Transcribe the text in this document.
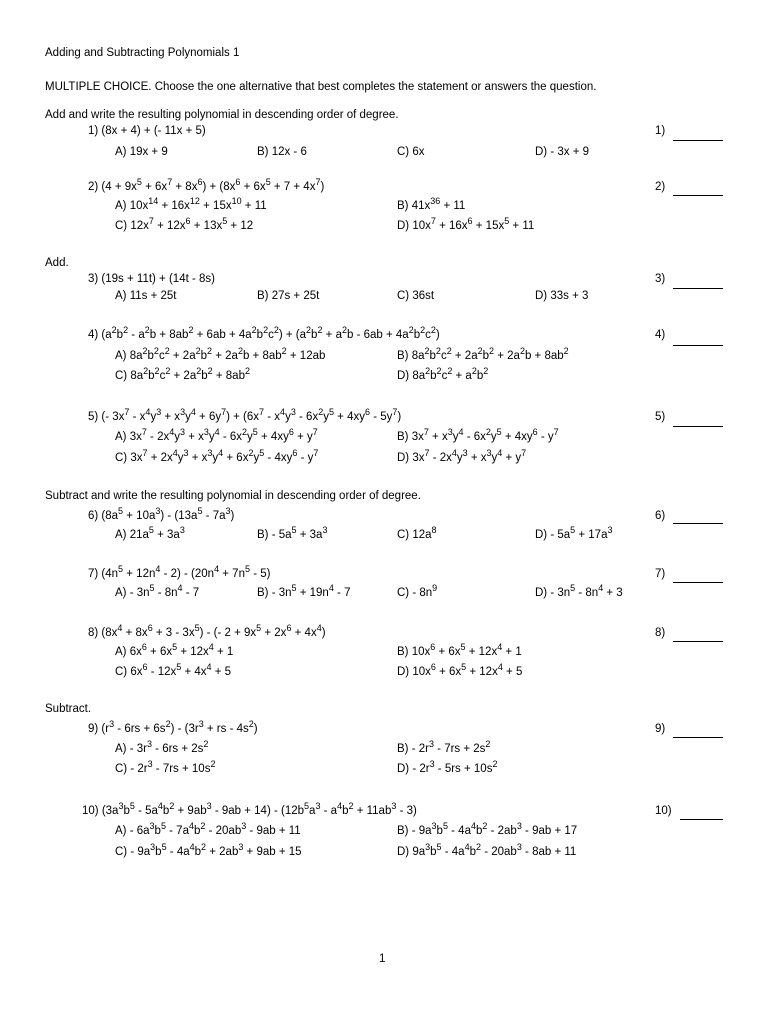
Adding and Subtracting Polynomials 1
MULTIPLE CHOICE. Choose the one alternative that best completes the statement or answers the question.
Add and write the resulting polynomial in descending order of degree.
Add.
Subtract and write the resulting polynomial in descending order of degree.
Subtract.
1) (8x + 4) + (- 11x + 5)	1)
A) 19x + 9	B) 12x - 6	C) 6x	D) - 3x + 9
2) $(4 + 9x^5 + 6x^7 + 8x^6) + (8x^6 + 6x^5 + 7 + 4x^7)$	2)
A) $10x^{14} + 16x^{12} + 15x^{10} + 11$	B) $41x^{36} + 11$
C) $12x^7 + 12x^6 + 13x^5 + 12$	D) $10x^7 + 16x^6 + 15x^5 + 11$
3) (19s + 11t) + (14t - 8s)	3)
A) 11s + 25t	B) 27s + 25t	C) 36st	D) 33s + 3
4) $(a^2b^2 - a^2b + 8ab^2 + 6ab + 4a^2b^2c^2) + (a^2b^2 + a^2b - 6ab + 4a^2b^2c^2)$	4)
A) $8a^2b^2c^2 + 2a^2b^2 + 2a^2b + 8ab^2 + 12ab$	B) $8a^2b^2c^2 + 2a^2b^2 + 2a^2b + 8ab^2$
C) $8a^2b^2c^2 + 2a^2b^2 + 8ab^2$	D) $8a^2b^2c^2 + a^2b^2$
5) (- $3x^7 - x^4y^3 + x^3y^4 + 6y^7) + (6x^7 - x^4y^3 - 6x^2y^5 + 4xy^6 - 5y^7)$	5)
A) $3x^7 - 2x^4y^3 + x^3y^4 - 6x^2y^5 + 4xy^6 + y^7$	B) $3x^7 + x^3y^4 - 6x^2y^5 + 4xy^6 - y^7$
C) $3x^7 + 2x^4y^3 + x^3y^4 + 6x^2y^5 - 4xy^6 - y^7$	D) $3x^7 - 2x^4y^3 + x^3y^4 + y^7$
6) $(8a^5 + 10a^3) - (13a^5 - 7a^3)$	6)
A) $21a^5 + 3a^3$	$B) - 5a^5 + 3a^3$	C) $12a^8$	$D) - 5a^5 + 17a^3$
7) $(4n^5 + 12n^4 - 2) - (20n^4 + 7n^5 - 5)$	7)
$A) - 3n^5 - 8n^4 - 7$	$B) - 3n^5 + 19n^4 - 7$	$C) - 8n^9$	$D) - 3n^5 - 8n^4 + 3$
8) $(8x^4 + 8x^6 + 3 - 3x^5)$ - (- $2 + 9x^5 + 2x^6 + 4x^4$)	8)
A) $6x^6 + 6x^5 + 12x^4 + 1$	B) $10x^6 + 6x^5 + 12x^4 + 1$
C) $6x^6 - 12x^5 + 4x^4 + 5$	D) $10x^6 + 6x^5 + 12x^4 + 5$
9) $(r^3 - 6rs + 6s^2) - (3r^3$ + rs - $4s^2$)	9)
$A) - 3r^3 - 6rs + 2s^2$	$B) - 2r^3 - 7rs + 2s^2$
$C) - 2r^3 - 7rs + 10s^2$	$D) - 2r^3 - 5rs + 10s^2$
10) $(3a^3b^5 - 5a^4b^2 + 9ab^3 - 9ab + 14) - (12b^5a^3 - a^4b^2 + 11ab^3 - 3)$	10)
$A) - 6a^3b^5 - 7a^4b^2 - 20ab^3 - 9ab + 11$	$B) - 9a^3b^5 - 4a^4b^2 - 2ab^3 - 9ab + 17$
$C) - 9a^3b^5 - 4a^4b^2 + 2ab^3 + 9ab + 15$	D) $9a^3b^5 - 4a^4b^2 - 20ab^3 - 8ab + 11$
1
